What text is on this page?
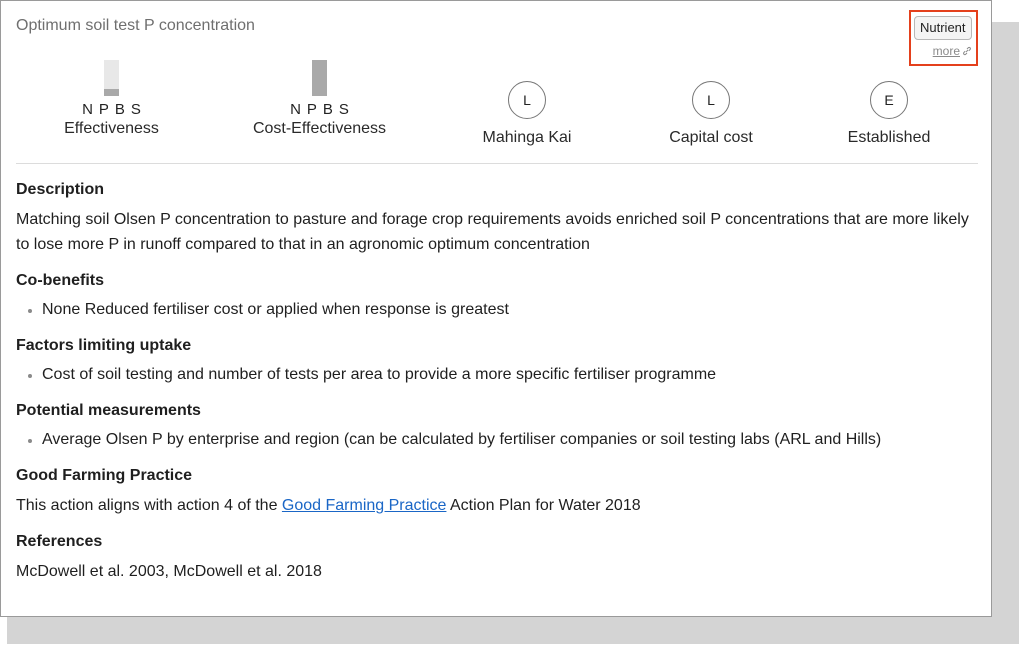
Optimum soil test P concentration	Nutrient
more
NPBS
Effectiveness
NPBS
Cost-Effectiveness
L
Mahinga Kai
L
Capital cost
E
Established
Description

Matching soil Olsen P concentration to pasture and forage crop requirements avoids enriched soil P concentrations that are more likely to lose more P in runoff compared to that in an agronomic optimum concentration

Co-benefits
None Reduced fertiliser cost or applied when response is greatest
Factors limiting uptake
Cost of soil testing and number of tests per area to provide a more specific fertiliser programme
Potential measurements
Average Olsen P by enterprise and region (can be calculated by fertiliser companies or soil testing labs (ARL and Hills)
Good Farming Practice

This action aligns with action 4 of the Good Farming Practice Action Plan for Water 2018

References

McDowell et al. 2003, McDowell et al. 2018
